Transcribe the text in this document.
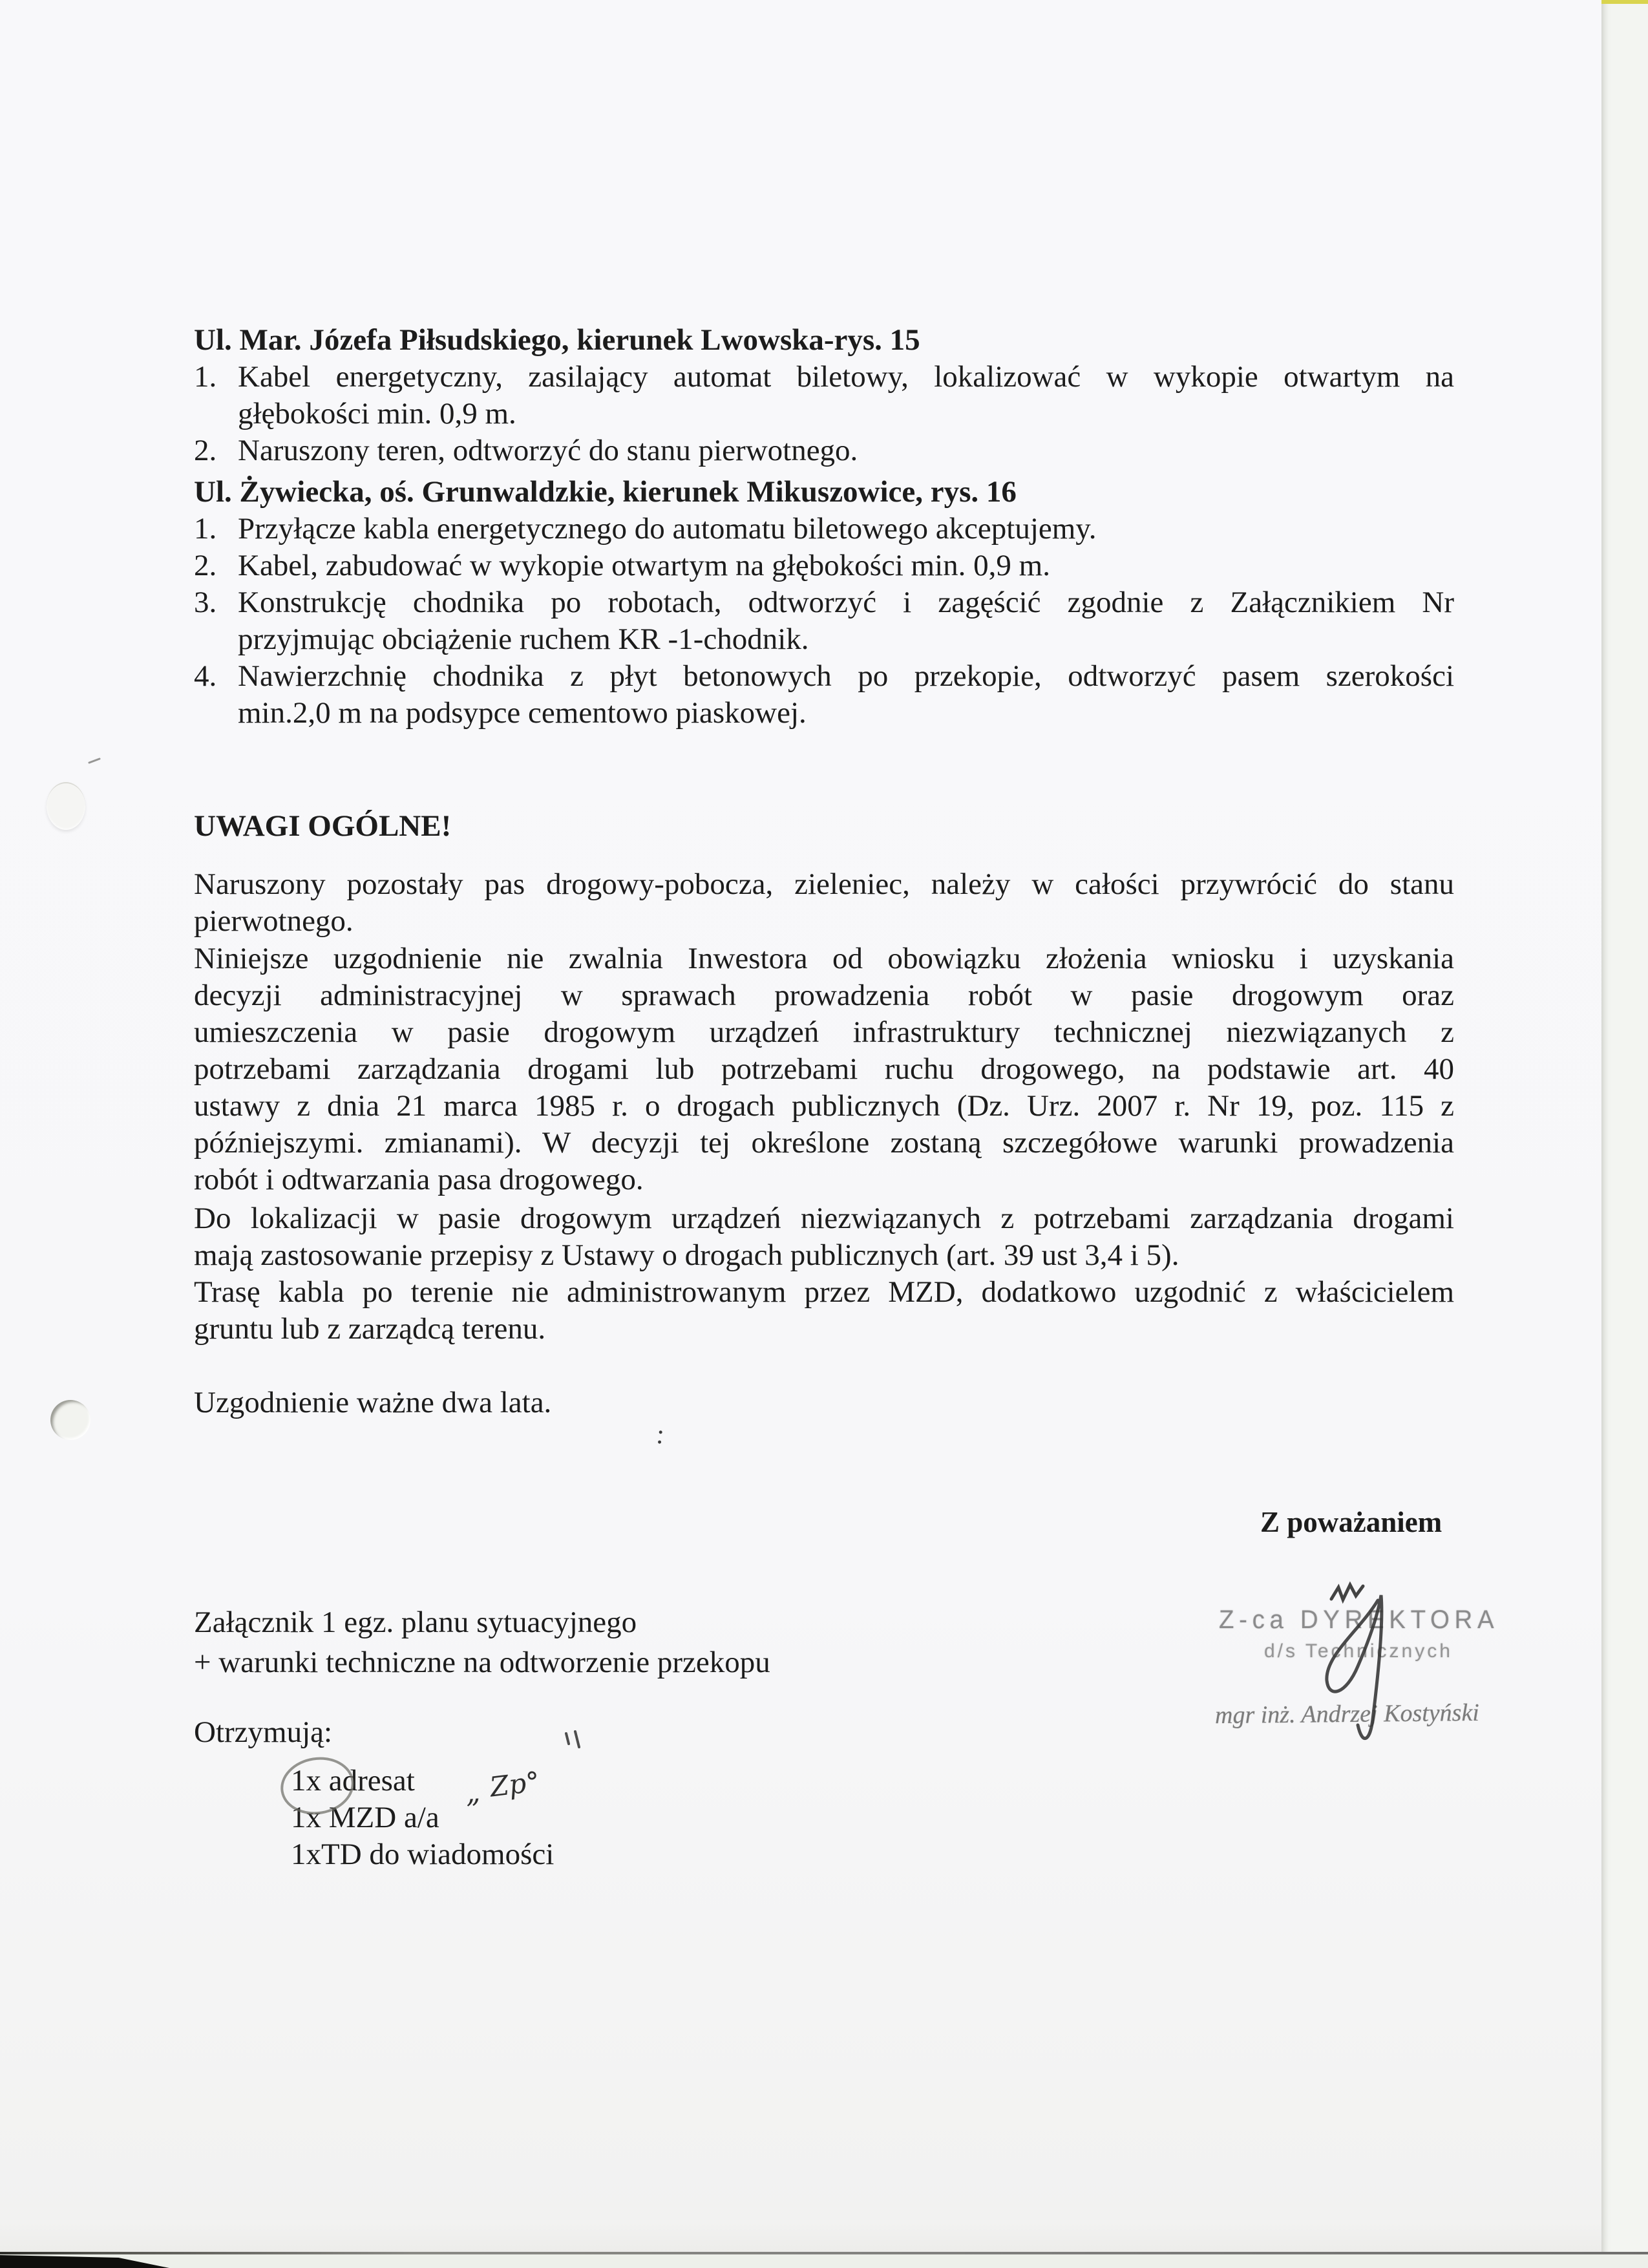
Ul. Mar. Józefa Piłsudskiego, kierunek Lwowska-rys. 15
1. Kabel energetyczny, zasilający automat biletowy, lokalizować w wykopie otwartym na
głębokości min. 0,9 m.
2. Naruszony teren, odtworzyć do stanu pierwotnego.
Ul. Żywiecka, oś. Grunwaldzkie, kierunek Mikuszowice, rys. 16
1. Przyłącze kabla energetycznego do automatu biletowego akceptujemy.
2. Kabel, zabudować w wykopie otwartym na głębokości min. 0,9 m.
3. Konstrukcję chodnika po robotach, odtworzyć i zagęścić zgodnie z Załącznikiem Nr
przyjmując obciążenie ruchem KR -1-chodnik.
4. Nawierzchnię chodnika z płyt betonowych po przekopie, odtworzyć pasem szerokości
min.2,0 m na podsypce cementowo piaskowej.
UWAGI OGÓLNE!
Naruszony pozostały pas drogowy-pobocza, zieleniec, należy w całości przywrócić do stanu
pierwotnego.
Niniejsze uzgodnienie nie zwalnia Inwestora od obowiązku złożenia wniosku i uzyskania
decyzji administracyjnej w sprawach prowadzenia robót w pasie drogowym oraz
umieszczenia w pasie drogowym urządzeń infrastruktury technicznej niezwiązanych z
potrzebami zarządzania drogami lub potrzebami ruchu drogowego, na podstawie art. 40
ustawy z dnia 21 marca 1985 r. o drogach publicznych (Dz. Urz. 2007 r. Nr 19, poz. 115 z
późniejszymi. zmianami). W decyzji tej określone zostaną szczegółowe warunki prowadzenia
robót i odtwarzania pasa drogowego.
Do lokalizacji w pasie drogowym urządzeń niezwiązanych z potrzebami zarządzania drogami
mają zastosowanie przepisy z Ustawy o drogach publicznych (art. 39 ust 3,4 i 5).
Trasę kabla po terenie nie administrowanym przez MZD, dodatkowo uzgodnić z właścicielem
gruntu lub z zarządcą terenu.
Uzgodnienie ważne dwa lata.
:
Z poważaniem
Z-ca DYREKTORA
d/s Technicznych
mgr inż. Andrzej Kostyński
Załącznik 1 egz. planu sytuacyjnego
+ warunki techniczne na odtworzenie przekopu
Otrzymują:
1x adresat
1x MZD a/a
1xTD do wiadomości
Zp°
„
